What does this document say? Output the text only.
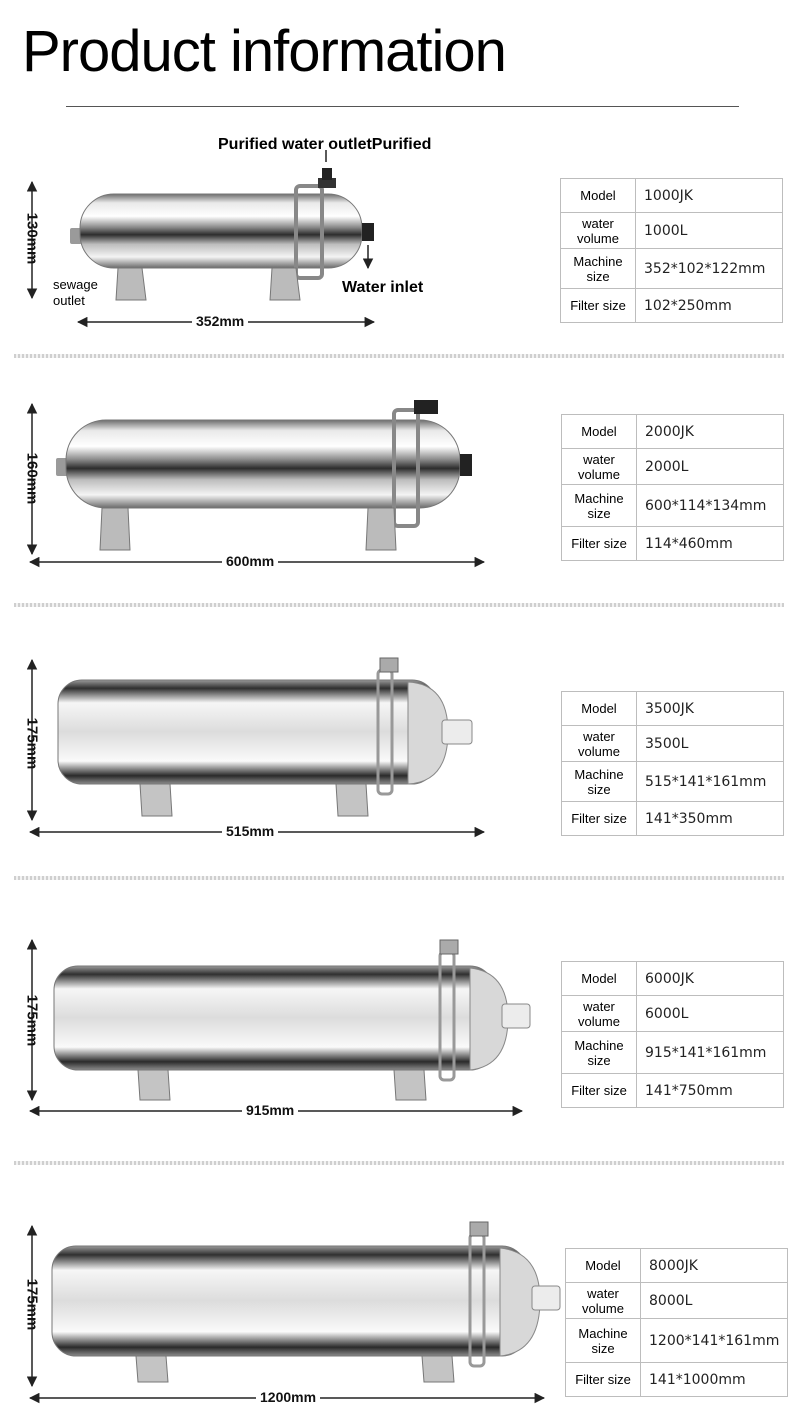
Product information
Purified water outletPurified
130mm
352mm
sewage
outlet
Water inlet
Model	1000JK
water
volume	1000L
Machine
size	352*102*122mm
Filter size	102*250mm
160mm
600mm
Model	2000JK
water
volume	2000L
Machine
size	600*114*134mm
Filter size	114*460mm
175mm
515mm
Model	3500JK
water
volume	3500L
Machine
size	515*141*161mm
Filter size	141*350mm
175mm
915mm
Model	6000JK
water
volume	6000L
Machine
size	915*141*161mm
Filter size	141*750mm
175mm
1200mm
Model	8000JK
water
volume	8000L
Machine
size	1200*141*161mm
Filter size	141*1000mm
